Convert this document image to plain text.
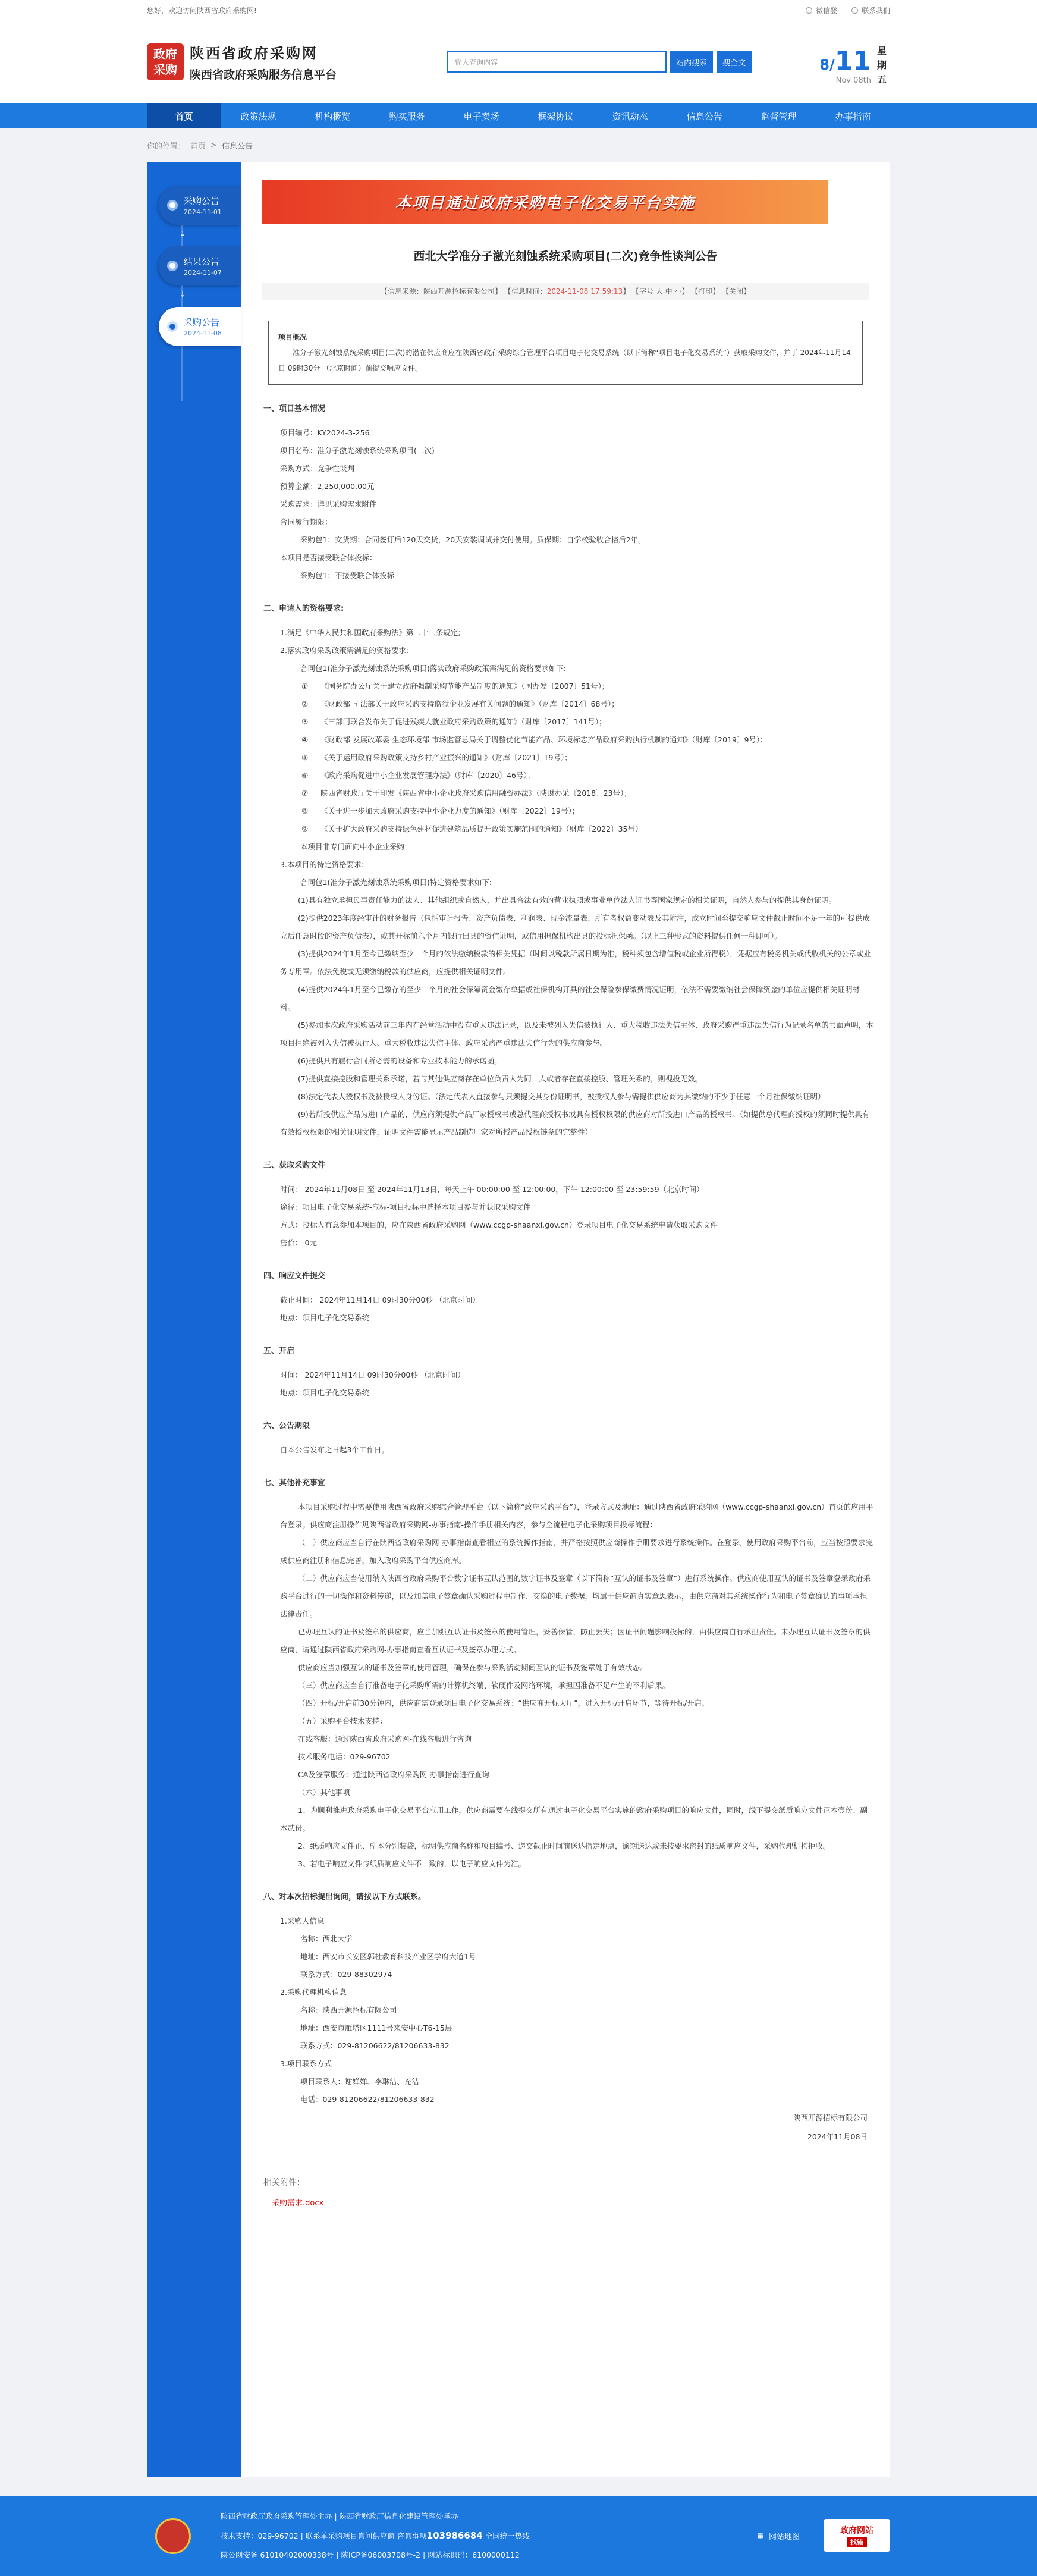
您好，欢迎访问陕西省政府采购网!	微信登	联系我们
政府采购
陕西省政府采购网
陕西省政府采购服务信息平台
输入查询内容	站内搜索	搜全文	8/11
Nov 08th
星期五
首页	政策法规	机构概览	购买服务	电子卖场	框架协议	资讯动态	信息公告	监督管理	办事指南
你的位置： 首页 > 信息公告
采购公告
2024-11-01
⇣
结果公告
2024-11-07
⇣
采购公告
2024-11-08
本项目通过政府采购电子化交易平台实施
西北大学准分子激光刻蚀系统采购项目(二次)竞争性谈判公告
【信息来源：陕西开源招标有限公司】 【信息时间：2024-11-08 17:59:13】 【字号 大 中 小】 【打印】 【关闭】
项目概况

准分子激光刻蚀系统采购项目(二次)的潜在供应商应在陕西省政府采购综合管理平台项目电子化交易系统（以下简称“项目电子化交易系统”）获取采购文件，并于 2024年11月14日 09时30分 （北京时间）前提交响应文件。

一、项目基本情况
项目编号：KY2024-3-256
项目名称：准分子激光刻蚀系统采购项目(二次)
采购方式：竞争性谈判
预算金额：2,250,000.00元
采购需求：详见采购需求附件
合同履行期限：
采购包1：交货期：合同签订后120天交货，20天安装调试并交付使用。质保期：自学校验收合格后2年。
本项目是否接受联合体投标：
采购包1：不接受联合体投标
二、申请人的资格要求:
1.满足《中华人民共和国政府采购法》第二十二条规定;
2.落实政府采购政策需满足的资格要求:
合同包1(准分子激光刻蚀系统采购项目)落实政府采购政策需满足的资格要求如下:
①	《国务院办公厅关于建立政府强制采购节能产品制度的通知》（国办发〔2007〕51号）；
②	《财政部 司法部关于政府采购支持监狱企业发展有关问题的通知》（财库〔2014〕68号）；
③	《三部门联合发布关于促进残疾人就业政府采购政策的通知》（财库〔2017〕141号）；
④	《财政部 发展改革委 生态环境部 市场监管总局关于调整优化节能产品、环境标志产品政府采购执行机制的通知》（财库〔2019〕9号）；
⑤	《关于运用政府采购政策支持乡村产业振兴的通知》（财库〔2021〕19号）；
⑥	《政府采购促进中小企业发展管理办法》（财库〔2020〕46号）；
⑦	陕西省财政厅关于印发《陕西省中小企业政府采购信用融资办法》（陕财办采〔2018〕23号）；
⑧	《关于进一步加大政府采购支持中小企业力度的通知》（财库〔2022〕19号）；
⑨	《关于扩大政府采购支持绿色建材促进建筑品质提升政策实施范围的通知》（财库〔2022〕35号）
本项目非专门面向中小企业采购
3.本项目的特定资格要求:
合同包1(准分子激光刻蚀系统采购项目)特定资格要求如下:
(1)具有独立承担民事责任能力的法人、其他组织或自然人，并出具合法有效的营业执照或事业单位法人证书等国家规定的相关证明，自然人参与的提供其身份证明。
(2)提供2023年度经审计的财务报告（包括审计报告、资产负债表、利润表、现金流量表、所有者权益变动表及其附注，成立时间至提交响应文件截止时间不足一年的可提供成立后任意时段的资产负债表），或其开标前六个月内银行出具的资信证明，或信用担保机构出具的投标担保函。（以上三种形式的资料提供任何一种即可）。
(3)提供2024年1月至今已缴纳至少一个月的依法缴纳税款的相关凭据（时间以税款所属日期为准，税种须包含增值税或企业所得税），凭据应有税务机关或代收机关的公章或业务专用章。依法免税或无须缴纳税款的供应商，应提供相关证明文件。
(4)提供2024年1月至今已缴存的至少一个月的社会保障资金缴存单据或社保机构开具的社会保险参保缴费情况证明，依法不需要缴纳社会保障资金的单位应提供相关证明材料。
(5)参加本次政府采购活动前三年内在经营活动中没有重大违法记录，以及未被列入失信被执行人、重大税收违法失信主体、政府采购严重违法失信行为记录名单的书面声明，本项目拒绝被列入失信被执行人、重大税收违法失信主体、政府采购严重违法失信行为的供应商参与。
(6)提供具有履行合同所必需的设备和专业技术能力的承诺函。
(7)提供直接控股和管理关系承诺，若与其他供应商存在单位负责人为同一人或者存在直接控股、管理关系的，则视投无效。
(8)法定代表人授权书及被授权人身份证。（法定代表人直接参与只须提交其身份证明书，被授权人参与需提供供应商为其缴纳的不少于任意一个月社保缴纳证明）
(9)若所投供应产品为进口产品的，供应商须提供产品厂家授权书或总代理商授权书或具有授权权限的供应商对所投进口产品的授权书。（如提供总代理商授权的须同时提供具有有效授权权限的相关证明文件，证明文件需能显示产品制造厂家对所授产品授权链条的完整性）
三、获取采购文件
时间： 2024年11月08日 至 2024年11月13日，每天上午 00:00:00 至 12:00:00，下午 12:00:00 至 23:59:59（北京时间）
途径：项目电子化交易系统-应标-项目投标中选择本项目参与并获取采购文件
方式：投标人有意参加本项目的，应在陕西省政府采购网（www.ccgp-shaanxi.gov.cn）登录项目电子化交易系统申请获取采购文件
售价： 0元
四、响应文件提交
截止时间： 2024年11月14日 09时30分00秒 （北京时间）
地点：项目电子化交易系统
五、开启
时间： 2024年11月14日 09时30分00秒 （北京时间）
地点：项目电子化交易系统
六、公告期限
自本公告发布之日起3个工作日。
七、其他补充事宜
本项目采购过程中需要使用陕西省政府采购综合管理平台（以下简称“政府采购平台”），登录方式及地址：通过陕西省政府采购网（www.ccgp-shaanxi.gov.cn）首页的应用平台登录。供应商注册操作见陕西省政府采购网-办事指南-操作手册相关内容，参与全流程电子化采购项目投标流程：
（一）供应商应当自行在陕西省政府采购网-办事指南查看相应的系统操作指南，并严格按照供应商操作手册要求进行系统操作。在登录、使用政府采购平台前，应当按照要求完成供应商注册和信息完善，加入政府采购平台供应商库。
（二）供应商应当使用纳入陕西省政府采购平台数字证书互认范围的数字证书及签章（以下简称“互认的证书及签章”）进行系统操作。供应商使用互认的证书及签章登录政府采购平台进行的一切操作和资料传递，以及加盖电子签章确认采购过程中制作、交换的电子数据，均属于供应商真实意思表示，由供应商对其系统操作行为和电子签章确认的事项承担法律责任。
已办理互认的证书及签章的供应商，应当加强互认证书及签章的使用管理，妥善保管，防止丢失；因证书问题影响投标的，由供应商自行承担责任。未办理互认证书及签章的供应商，请通过陕西省政府采购网-办事指南查看互认证书及签章办理方式。
供应商应当加强互认的证书及签章的使用管理，确保在参与采购活动期间互认的证书及签章处于有效状态。
（三）供应商应当自行准备电子化采购所需的计算机终端、软硬件及网络环境，承担因准备不足产生的不利后果。
（四）开标/开启前30分钟内，供应商需登录项目电子化交易系统：“供应商开标大厅”，进入开标/开启环节，等待开标/开启。
（五）采购平台技术支持：
在线客服：通过陕西省政府采购网-在线客服进行咨询
技术服务电话：029-96702
CA及签章服务：通过陕西省政府采购网-办事指南进行查询
（六）其他事项
1、为顺利推进政府采购电子化交易平台应用工作，供应商需要在线提交所有通过电子化交易平台实施的政府采购项目的响应文件，同时，线下提交纸质响应文件正本壹份、副本贰份。
2、纸质响应文件正、副本分别装袋，标明供应商名称和项目编号、递交截止时间前送达指定地点，逾期送达或未按要求密封的纸质响应文件，采购代理机构拒收。
3、若电子响应文件与纸质响应文件不一致的，以电子响应文件为准。
八、对本次招标提出询问，请按以下方式联系。
1.采购人信息
名称：西北大学
地址：西安市长安区郭杜教育科技产业区学府大道1号
联系方式：029-88302974
2.采购代理机构信息
名称：陕西开源招标有限公司
地址：西安市雁塔区1111号来安中心T6-15层
联系方式：029-81206622/81206633-832
3.项目联系方式
项目联系人：谢婵婵、李琳洁、充洁
电话：029-81206622/81206633-832
陕西开源招标有限公司
2024年11月08日
相关附件：
采购需求.docx
陕西省财政厅政府采购管理处主办 | 陕西省财政厅信息化建设管理处承办
技术支持：029-96702 | 联系单采购项目询问供应商 咨询事项103986684 全国统一热线
陕公网安备 61010402000338号 | 陕ICP备06003708号-2 | 网站标识码：6100000112
▦ 网站地图
政府网站
找错
